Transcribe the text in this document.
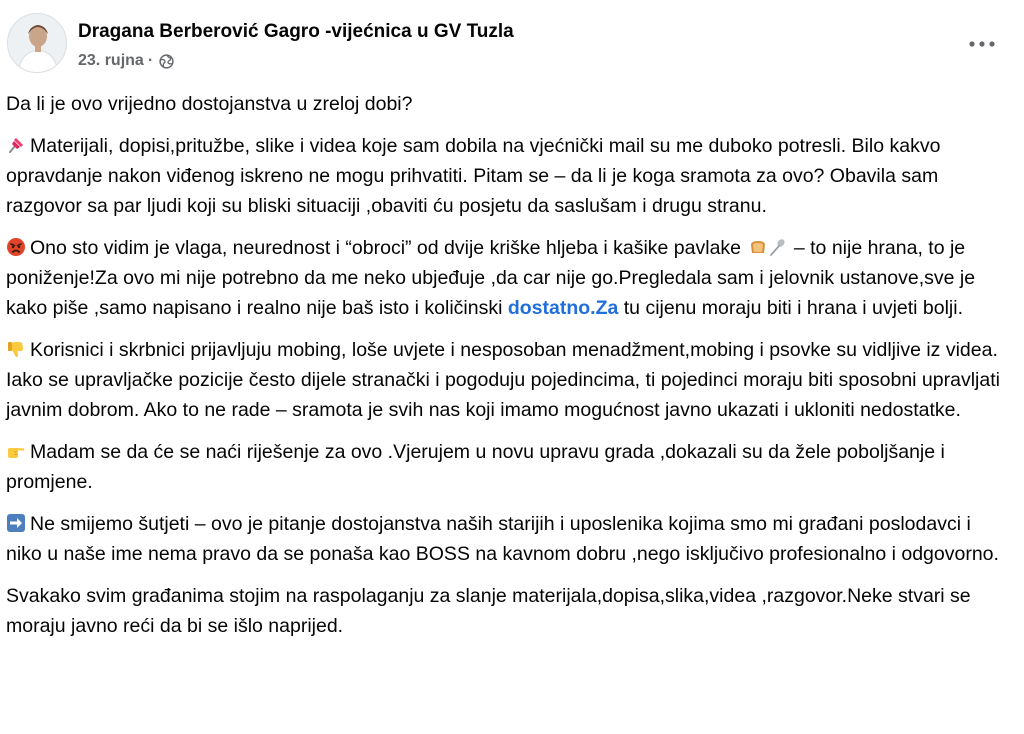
Dragana Berberović Gagro -vijećnica u GV Tuzla
23. rujna ·

Da li je ovo vrijedno dostojanstva u zreloj dobi?

Materijali, dopisi,pritužbe, slike i videa koje sam dobila na vjećnički mail su me duboko potresli. Bilo kakvo opravdanje nakon viđenog iskreno ne mogu prihvatiti. Pitam se – da li je koga sramota za ovo? Obavila sam razgovor sa par ljudi koji su bliski situaciji ,obaviti ću posjetu da saslušam i drugu stranu.

Ono sto vidim je vlaga, neurednost i “obroci” od dvije kriške hljeba i kašike pavlake  – to nije hrana, to je poniženje!Za ovo mi nije potrebno da me neko ubjeđuje ,da car nije go.Pregledala sam i jelovnik ustanove,sve je kako piše ,samo napisano i realno nije baš isto i količinski dostatno.Za tu cijenu moraju biti i hrana i uvjeti bolji.

Korisnici i skrbnici prijavljuju mobing, loše uvjete i nesposoban menadžment,mobing i psovke su vidljive iz videa. Iako se upravljačke pozicije često dijele stranački i pogoduju pojedincima, ti pojedinci moraju biti sposobni upravljati javnim dobrom. Ako to ne rade – sramota je svih nas koji imamo mogućnost javno ukazati i ukloniti nedostatke.

Madam se da će se naći riješenje za ovo .Vjerujem u novu upravu grada ,dokazali su da žele poboljšanje i promjene.

Ne smijemo šutjeti – ovo je pitanje dostojanstva naših starijih i uposlenika kojima smo mi građani poslodavci i niko u naše ime nema pravo da se ponaša kao BOSS na kavnom dobru ,nego isključivo profesionalno i odgovorno.

Svakako svim građanima stojim na raspolaganju za slanje materijala,dopisa,slika,videa ,razgovor.Neke stvari se moraju javno reći da bi se išlo naprijed.
